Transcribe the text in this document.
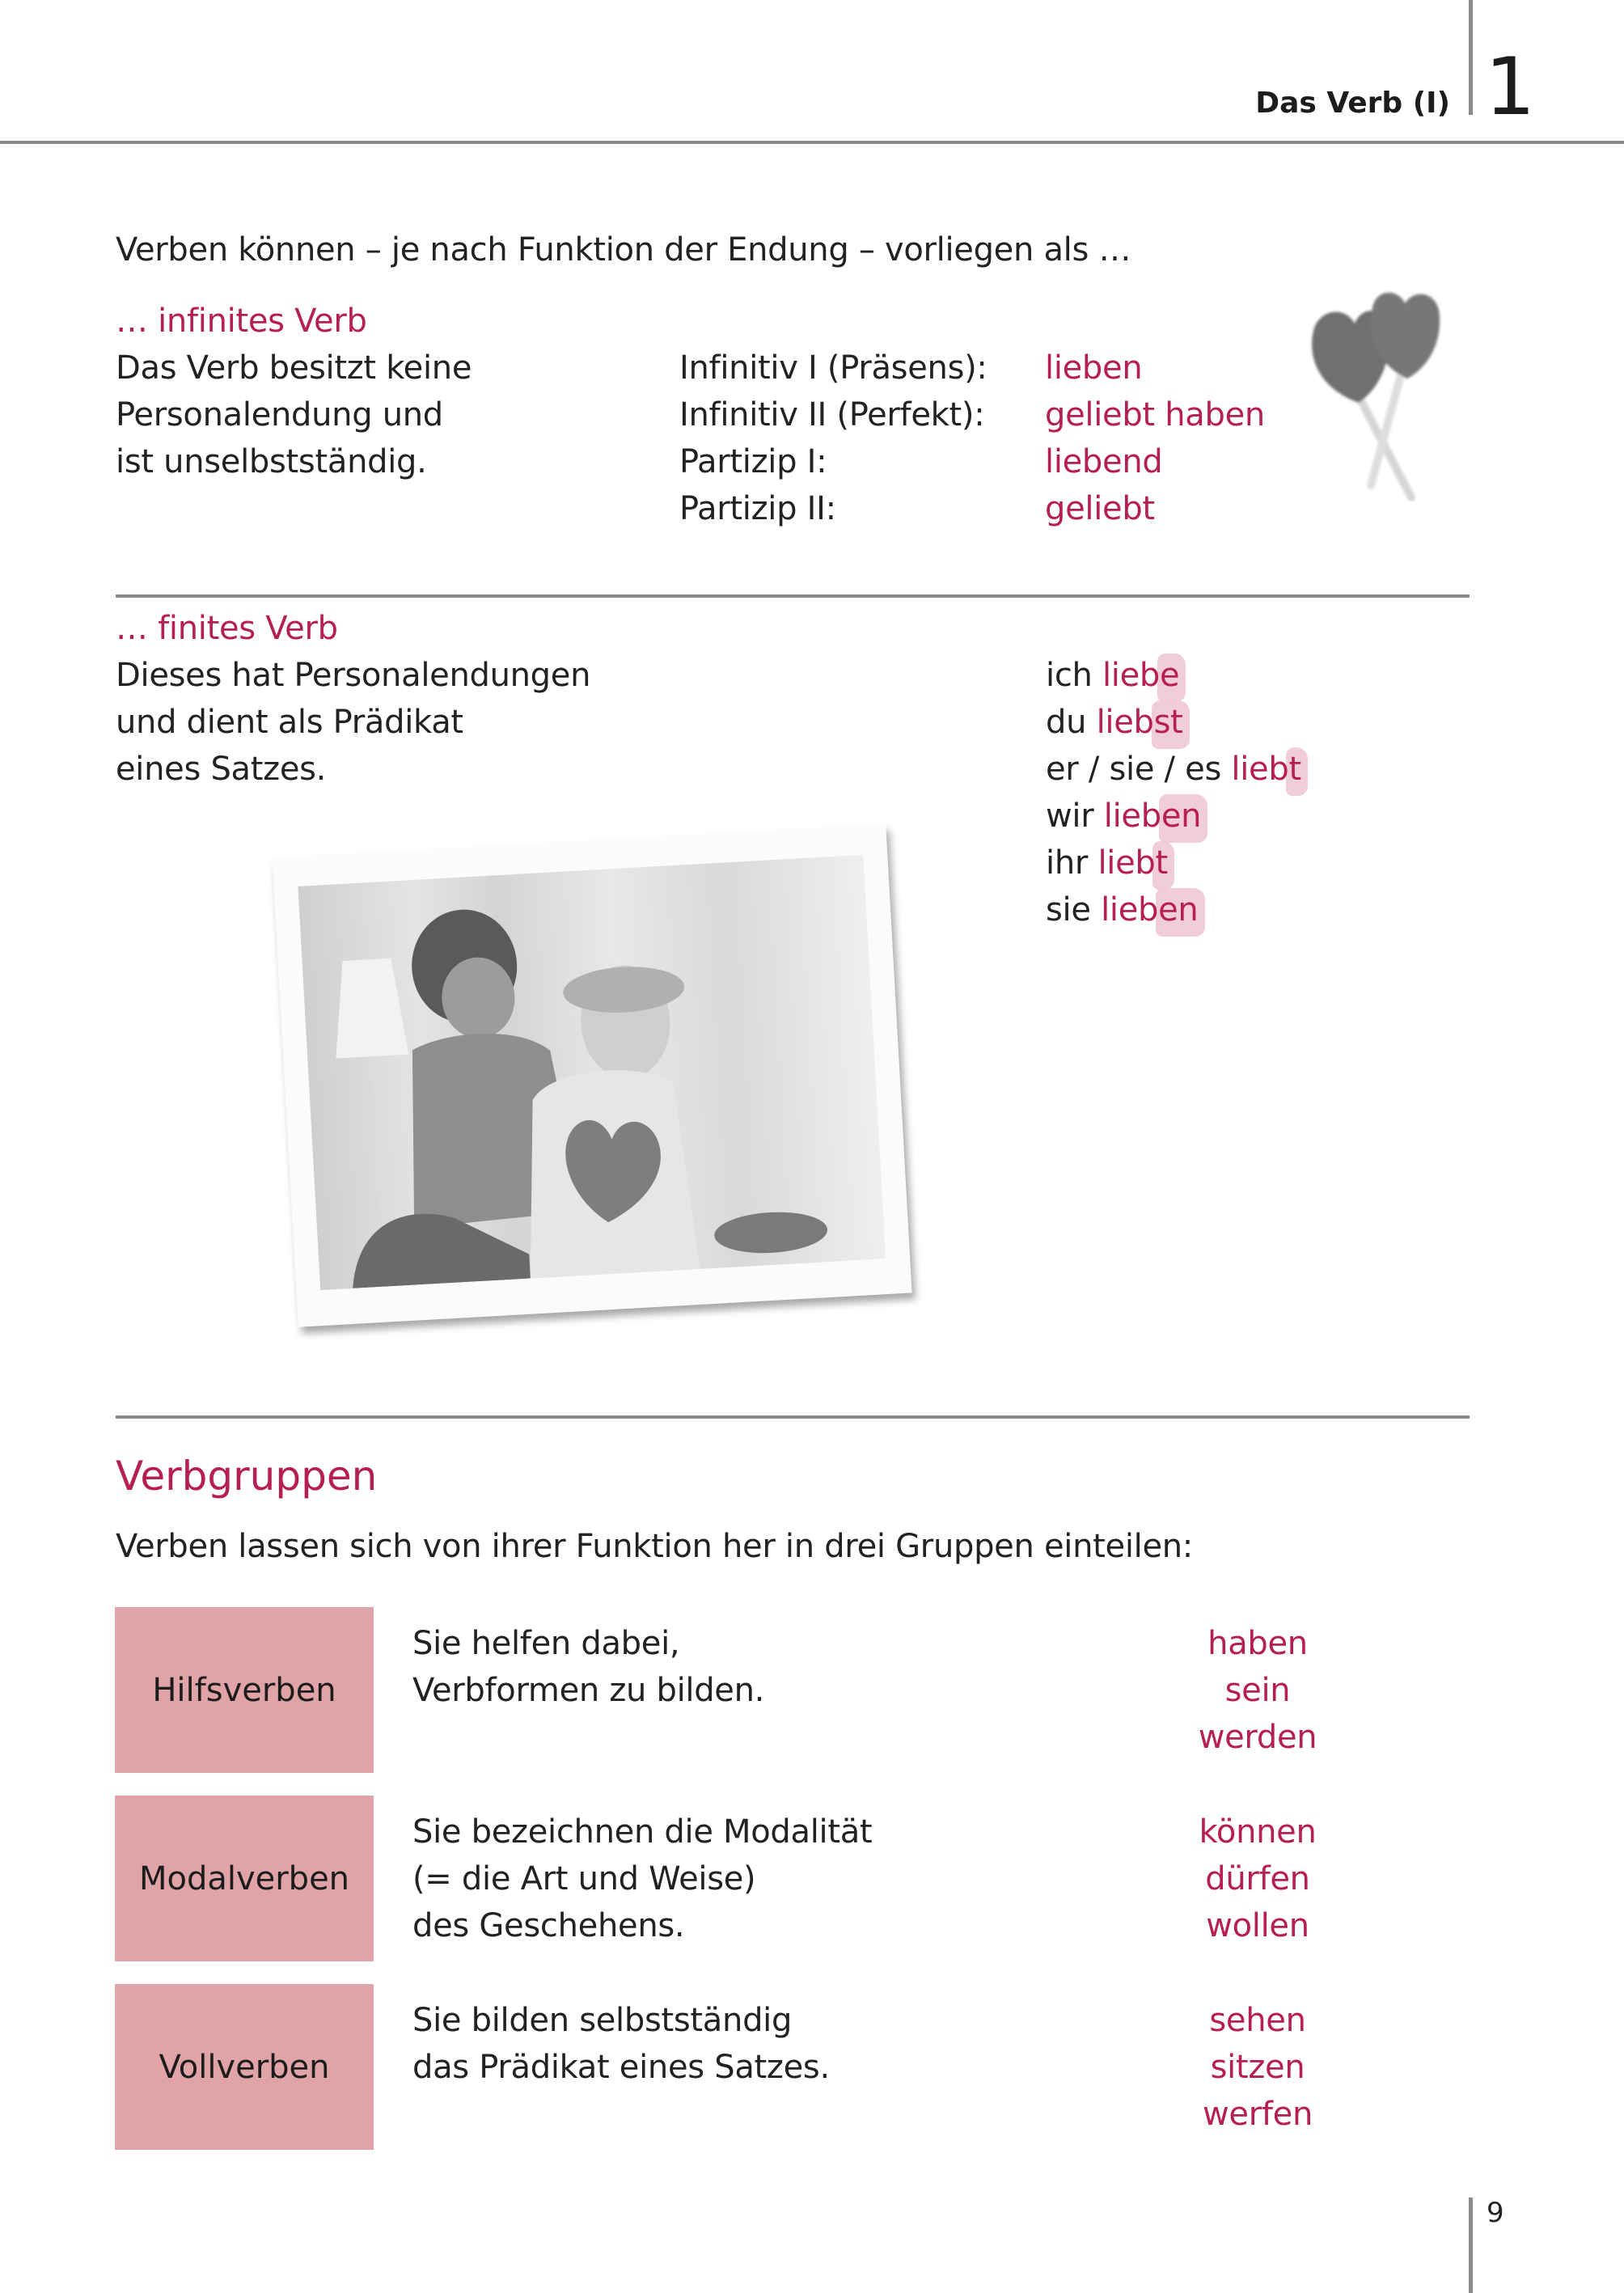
Das Verb (I) 1
Verben können – je nach Funktion der Endung – vorliegen als …
… infinites Verb
Das Verb besitzt keine
Personalendung und
ist unselbstständig.
Infinitiv I (Präsens):
Infinitiv II (Perfekt):
Partizip I:
Partizip II:
lieben
geliebt haben
liebend
geliebt
… finites Verb
Dieses hat Personalendungen
und dient als Prädikat
eines Satzes.
ich liebe
du liebst
er / sie / es liebt
wir lieben
ihr liebt
sie lieben
Verbgruppen
Verben lassen sich von ihrer Funktion her in drei Gruppen einteilen:
Hilfsverben
Sie helfen dabei,
Verbformen zu bilden.
haben
sein
werden
Modalverben
Sie bezeichnen die Modalität
(= die Art und Weise)
des Geschehens.
können
dürfen
wollen
Vollverben
Sie bilden selbstständig
das Prädikat eines Satzes.
sehen
sitzen
werfen
9
